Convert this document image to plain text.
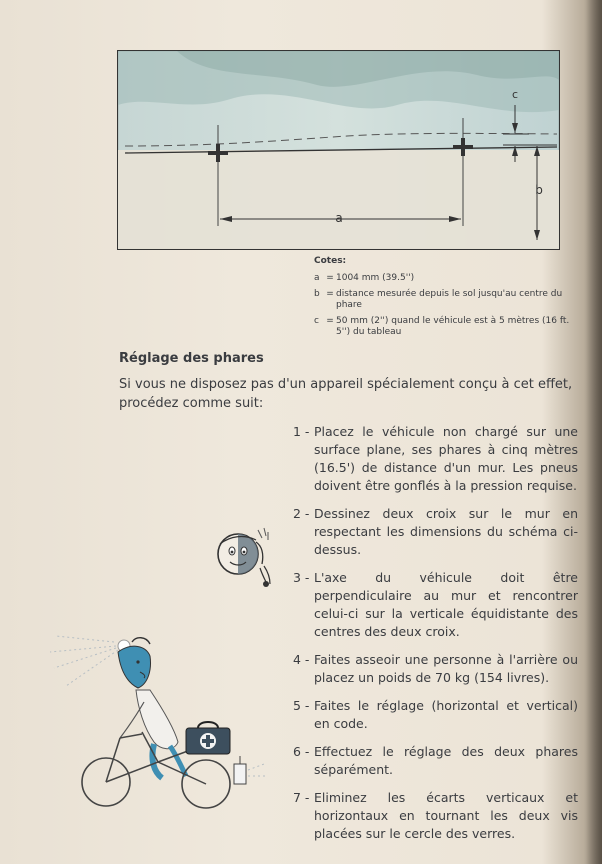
a
c
b
Cotes:
a = 1004 mm (39.5'')
b = distance mesurée depuis le sol jusqu'au centre du phare
c = 50 mm (2'') quand le véhicule est à 5 mètres (16 ft. 5'') du tableau
Réglage des phares
Si vous ne disposez pas d'un appareil spécialement conçu à cet effet, procédez comme suit:
1 - Placez le véhicule non chargé sur une surface plane, ses phares à cinq mètres (16.5') de distance d'un mur. Les pneus doivent être gonflés à la pression requise.
2 - Dessinez deux croix sur le mur en respectant les dimensions du schéma ci-dessus.
3 - L'axe du véhicule doit être perpendiculaire au mur et rencontrer celui-ci sur la verticale équidistante des centres des deux croix.
4 - Faites asseoir une personne à l'arrière ou placez un poids de 70 kg (154 livres).
5 - Faites le réglage (horizontal et vertical) en code.
6 - Effectuez le réglage des deux phares séparément.
7 - Eliminez les écarts verticaux et horizontaux en tournant les deux vis placées sur le cercle des verres.
